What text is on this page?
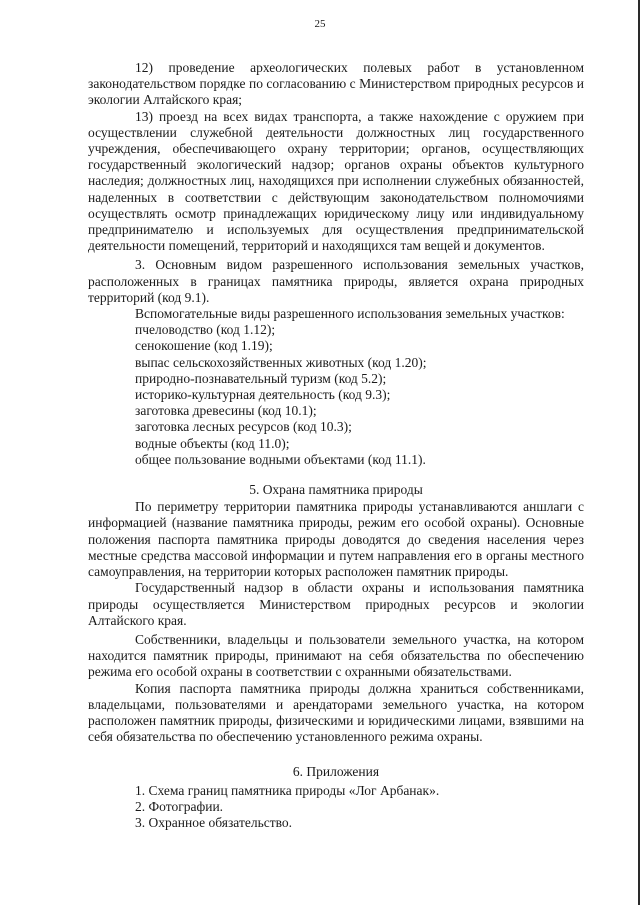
25

12) проведение археологических полевых работ в установленном законодательством порядке по согласованию с Министерством природных ресурсов и экологии Алтайского края;

13) проезд на всех видах транспорта, а также нахождение с оружием при осуществлении служебной деятельности должностных лиц государственного учреждения, обеспечивающего охрану территории; органов, осуществляющих государственный экологический надзор; органов охраны объектов культурного наследия; должностных лиц, находящихся при исполнении служебных обязанностей, наделенных в соответствии с действующим законодательством полномочиями осуществлять осмотр принадлежащих юридическому лицу или индивидуальному предпринимателю и используемых для осуществления предпринимательской деятельности помещений, территорий и находящихся там вещей и документов.

3. Основным видом разрешенного использования земельных участков, расположенных в границах памятника природы, является охрана природных территорий (код 9.1).

Вспомогательные виды разрешенного использования земельных участков:
пчеловодство (код 1.12);
сенокошение (код 1.19);
выпас сельскохозяйственных животных (код 1.20);
природно-познавательный туризм (код 5.2);
историко-культурная деятельность (код 9.3);
заготовка древесины (код 10.1);
заготовка лесных ресурсов (код 10.3);
водные объекты (код 11.0);
общее пользование водными объектами (код 11.1).
5. Охрана памятника природы

По периметру территории памятника природы устанавливаются аншлаги с информацией (название памятника природы, режим его особой охраны). Основные положения паспорта памятника природы доводятся до сведения населения через местные средства массовой информации и путем направления его в органы местного самоуправления, на территории которых расположен памятник природы.

Государственный надзор в области охраны и использования памятника природы осуществляется Министерством природных ресурсов и экологии Алтайского края.

Собственники, владельцы и пользователи земельного участка, на котором находится памятник природы, принимают на себя обязательства по обеспечению режима его особой охраны в соответствии с охранными обязательствами.

Копия паспорта памятника природы должна храниться собственниками, владельцами, пользователями и арендаторами земельного участка, на котором расположен памятник природы, физическими и юридическими лицами, взявшими на себя обязательства по обеспечению установленного режима охраны.

6. Приложения
1. Схема границ памятника природы «Лог Арбанак».
2. Фотографии.
3. Охранное обязательство.
